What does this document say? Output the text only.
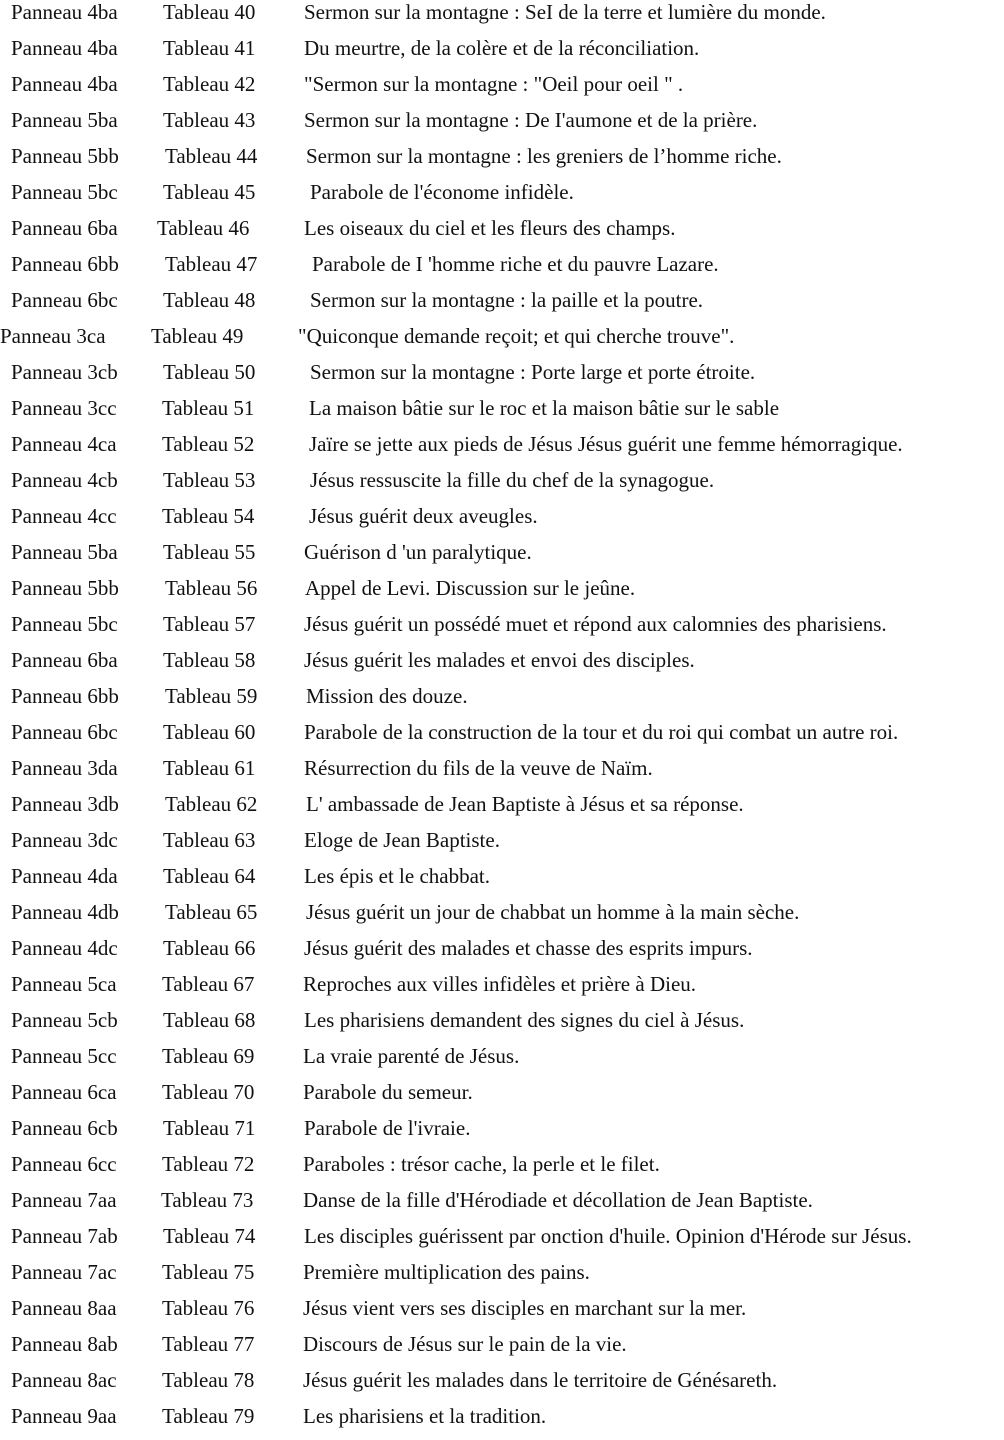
Panneau 4ba Tableau 40 Sermon sur la montagne : SeI de la terre et lumière du monde.
Panneau 4ba Tableau 41 Du meurtre, de la colère et de la réconciliation.
Panneau 4ba Tableau 42 "Sermon sur la montagne : "Oeil pour oeil " .
Panneau 5ba Tableau 43 Sermon sur la montagne : De I'aumone et de la prière.
Panneau 5bb Tableau 44 Sermon sur la montagne : les greniers de l’homme riche.
Panneau 5bc Tableau 45	Parabole de l'économe infidèle.
Panneau 6ba Tableau 46	Les oiseaux du ciel et les fleurs des champs.
Panneau 6bb Tableau 47	Parabole de I 'homme riche et du pauvre Lazare.
Panneau 6bc Tableau 48	Sermon sur la montagne : la paille et la poutre.
Panneau 3ca Tableau 49	"Quiconque demande reçoit; et qui cherche trouve".
Panneau 3cb Tableau 50	Sermon sur la montagne : Porte large et porte étroite.
Panneau 3cc Tableau 51	La maison bâtie sur le roc et la maison bâtie sur le sable
Panneau 4ca Tableau 52	Jaïre se jette aux pieds de Jésus Jésus guérit une femme hémorragique.
Panneau 4cb Tableau 53	Jésus ressuscite la fille du chef de la synagogue.
Panneau 4cc Tableau 54	Jésus guérit deux aveugles.
Panneau 5ba Tableau 55 Guérison d 'un paralytique.
Panneau 5bb Tableau 56 Appel de Levi. Discussion sur le jeûne.
Panneau 5bc Tableau 57 Jésus guérit un possédé muet et répond aux calomnies des pharisiens.
Panneau 6ba Tableau 58 Jésus guérit les malades et envoi des disciples.
Panneau 6bb Tableau 59 Mission des douze.
Panneau 6bc Tableau 60 Parabole de la construction de la tour et du roi qui combat un autre roi.
Panneau 3da Tableau 61 Résurrection du fils de la veuve de Naïm.
Panneau 3db Tableau 62 L' ambassade de Jean Baptiste à Jésus et sa réponse.
Panneau 3dc Tableau 63 Eloge de Jean Baptiste.
Panneau 4da Tableau 64 Les épis et le chabbat.
Panneau 4db Tableau 65 Jésus guérit un jour de chabbat un homme à la main sèche.
Panneau 4dc Tableau 66 Jésus guérit des malades et chasse des esprits impurs.
Panneau 5ca Tableau 67 Reproches aux villes infidèles et prière à Dieu.
Panneau 5cb Tableau 68 Les pharisiens demandent des signes du ciel à Jésus.
Panneau 5cc Tableau 69 La vraie parenté de Jésus.
Panneau 6ca Tableau 70 Parabole du semeur.
Panneau 6cb Tableau 71 Parabole de l'ivraie.
Panneau 6cc Tableau 72 Paraboles : trésor cache, la perle et le filet.
Panneau 7aa Tableau 73 Danse de la fille d'Hérodiade et décollation de Jean Baptiste.
Panneau 7ab Tableau 74 Les disciples guérissent par onction d'huile. Opinion d'Hérode sur Jésus.
Panneau 7ac Tableau 75 Première multiplication des pains.
Panneau 8aa Tableau 76 Jésus vient vers ses disciples en marchant sur la mer.
Panneau 8ab Tableau 77 Discours de Jésus sur le pain de la vie.
Panneau 8ac Tableau 78 Jésus guérit les malades dans le territoire de Génésareth.
Panneau 9aa Tableau 79 Les pharisiens et la tradition.
